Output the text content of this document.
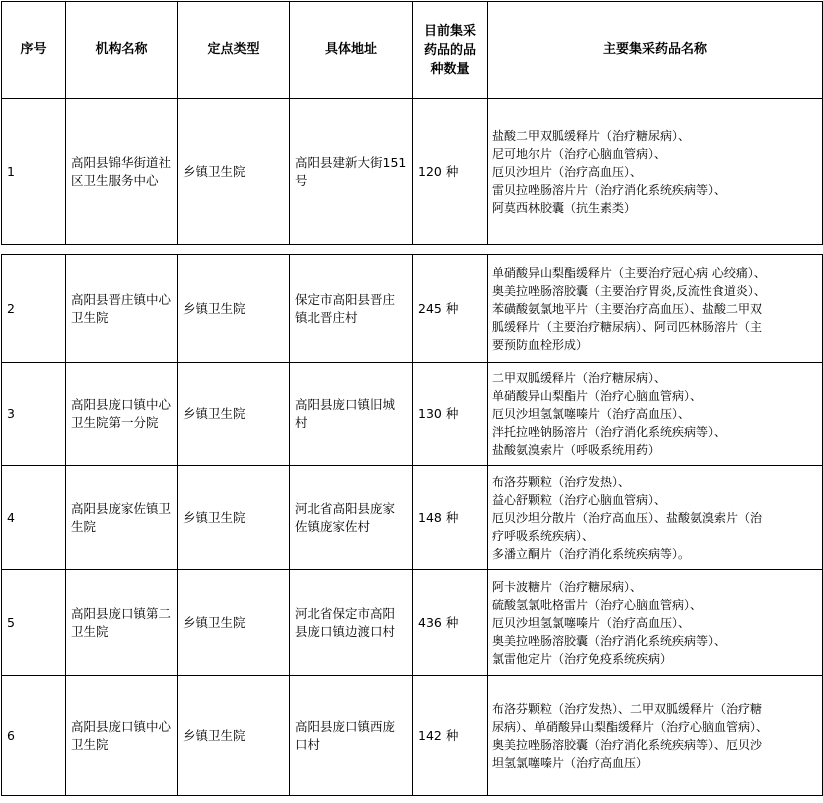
序号	机构名称	定点类型	具体地址	目前集采药品的品种数量	主要集采药品名称
1	高阳县锦华街道社区卫生服务中心	乡镇卫生院	高阳县建新大街151号	120 种	盐酸二甲双胍缓释片（治疗糖尿病）、
尼可地尔片（治疗心脑血管病）、
厄贝沙坦片（治疗高血压）、
雷贝拉唑肠溶片片（治疗消化系统疾病等）、
阿莫西林胶囊（抗生素类）
2	高阳县晋庄镇中心卫生院	乡镇卫生院	保定市高阳县晋庄镇北晋庄村	245 种	单硝酸异山梨酯缓释片（主要治疗冠心病 心绞痛）、
奥美拉唑肠溶胶囊（主要治疗胃炎,反流性食道炎）、
苯磺酸氨氯地平片（主要治疗高血压）、盐酸二甲双
胍缓释片（主要治疗糖尿病）、阿司匹林肠溶片（主
要预防血栓形成）

3	高阳县庞口镇中心卫生院第一分院	乡镇卫生院	高阳县庞口镇旧城村	130 种	二甲双胍缓释片（治疗糖尿病）、
单硝酸异山梨酯片（治疗心脑血管病）、
厄贝沙坦氢氯噻嗪片（治疗高血压）、
泮托拉唑钠肠溶片（治疗消化系统疾病等）、
盐酸氨溴索片（呼吸系统用药）

4	高阳县庞家佐镇卫生院	乡镇卫生院	河北省高阳县庞家佐镇庞家佐村	148 种	布洛芬颗粒（治疗发热）、
益心舒颗粒（治疗心脑血管病）、
厄贝沙坦分散片（治疗高血压）、盐酸氨溴索片（治
疗呼吸系统疾病）、
多潘立酮片（治疗消化系统疾病等）。

5	高阳县庞口镇第二卫生院	乡镇卫生院	河北省保定市高阳县庞口镇边渡口村	436 种	阿卡波糖片（治疗糖尿病）、
硫酸氢氯吡格雷片（治疗心脑血管病）、
厄贝沙坦氢氯噻嗪片（治疗高血压）、
奥美拉唑肠溶胶囊（治疗消化系统疾病等）、
氯雷他定片（治疗免疫系统疾病）

6	高阳县庞口镇中心卫生院	乡镇卫生院	高阳县庞口镇西庞口村	142 种	布洛芬颗粒（治疗发热）、二甲双胍缓释片（治疗糖
尿病）、单硝酸异山梨酯缓释片（治疗心脑血管病）、
奥美拉唑肠溶胶囊（治疗消化系统疾病等）、厄贝沙
坦氢氯噻嗪片（治疗高血压）
